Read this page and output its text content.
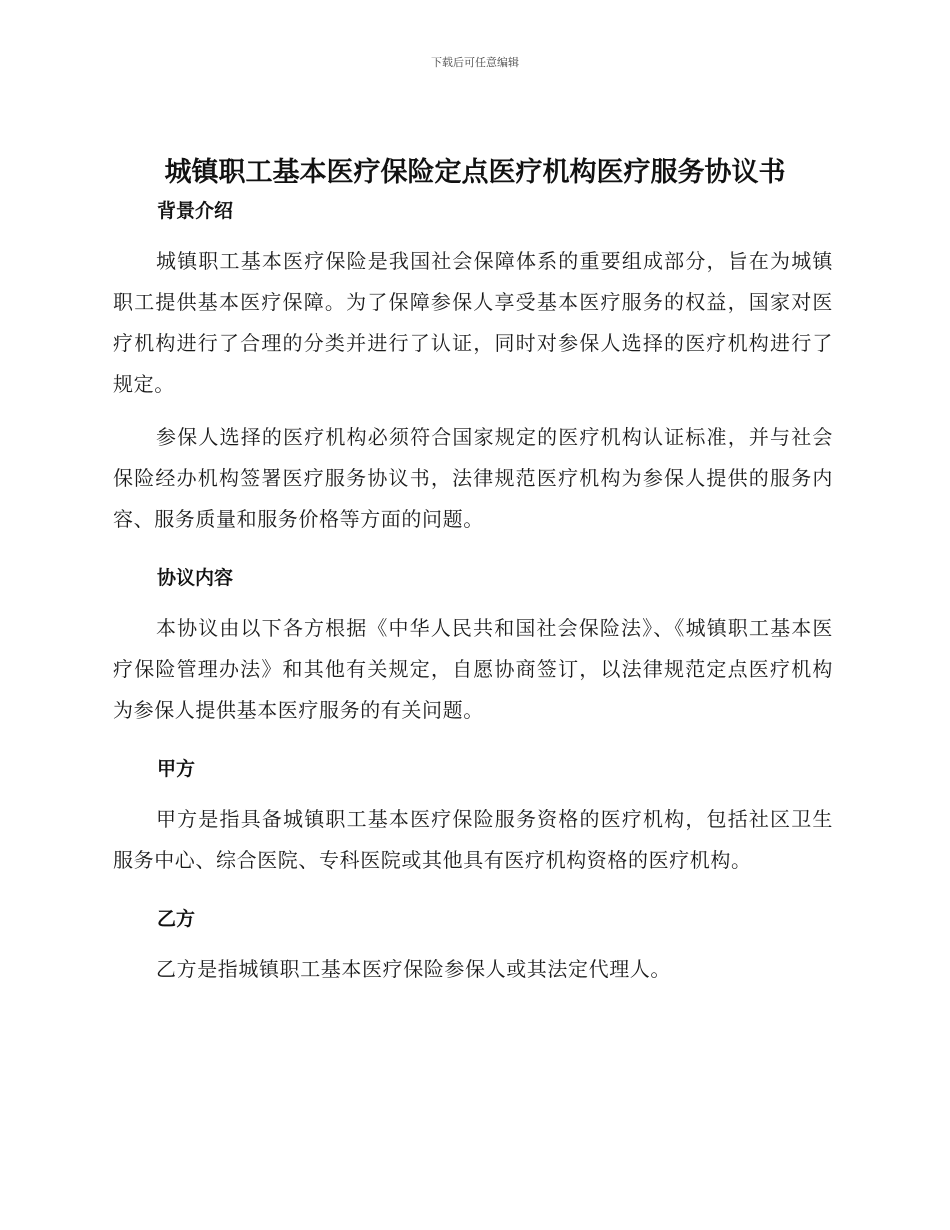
下载后可任意编辑
城镇职工基本医疗保险定点医疗机构医疗服务协议书
背景介绍

城镇职工基本医疗保险是我国社会保障体系的重要组成部分，旨在为城镇职工提供基本医疗保障。为了保障参保人享受基本医疗服务的权益，国家对医疗机构进行了合理的分类并进行了认证，同时对参保人选择的医疗机构进行了规定。

参保人选择的医疗机构必须符合国家规定的医疗机构认证标准，并与社会保险经办机构签署医疗服务协议书，法律规范医疗机构为参保人提供的服务内容、服务质量和服务价格等方面的问题。

协议内容

本协议由以下各方根据《中华人民共和国社会保险法》、《城镇职工基本医疗保险管理办法》和其他有关规定，自愿协商签订，以法律规范定点医疗机构为参保人提供基本医疗服务的有关问题。

甲方

甲方是指具备城镇职工基本医疗保险服务资格的医疗机构，包括社区卫生服务中心、综合医院、专科医院或其他具有医疗机构资格的医疗机构。

乙方

乙方是指城镇职工基本医疗保险参保人或其法定代理人。
